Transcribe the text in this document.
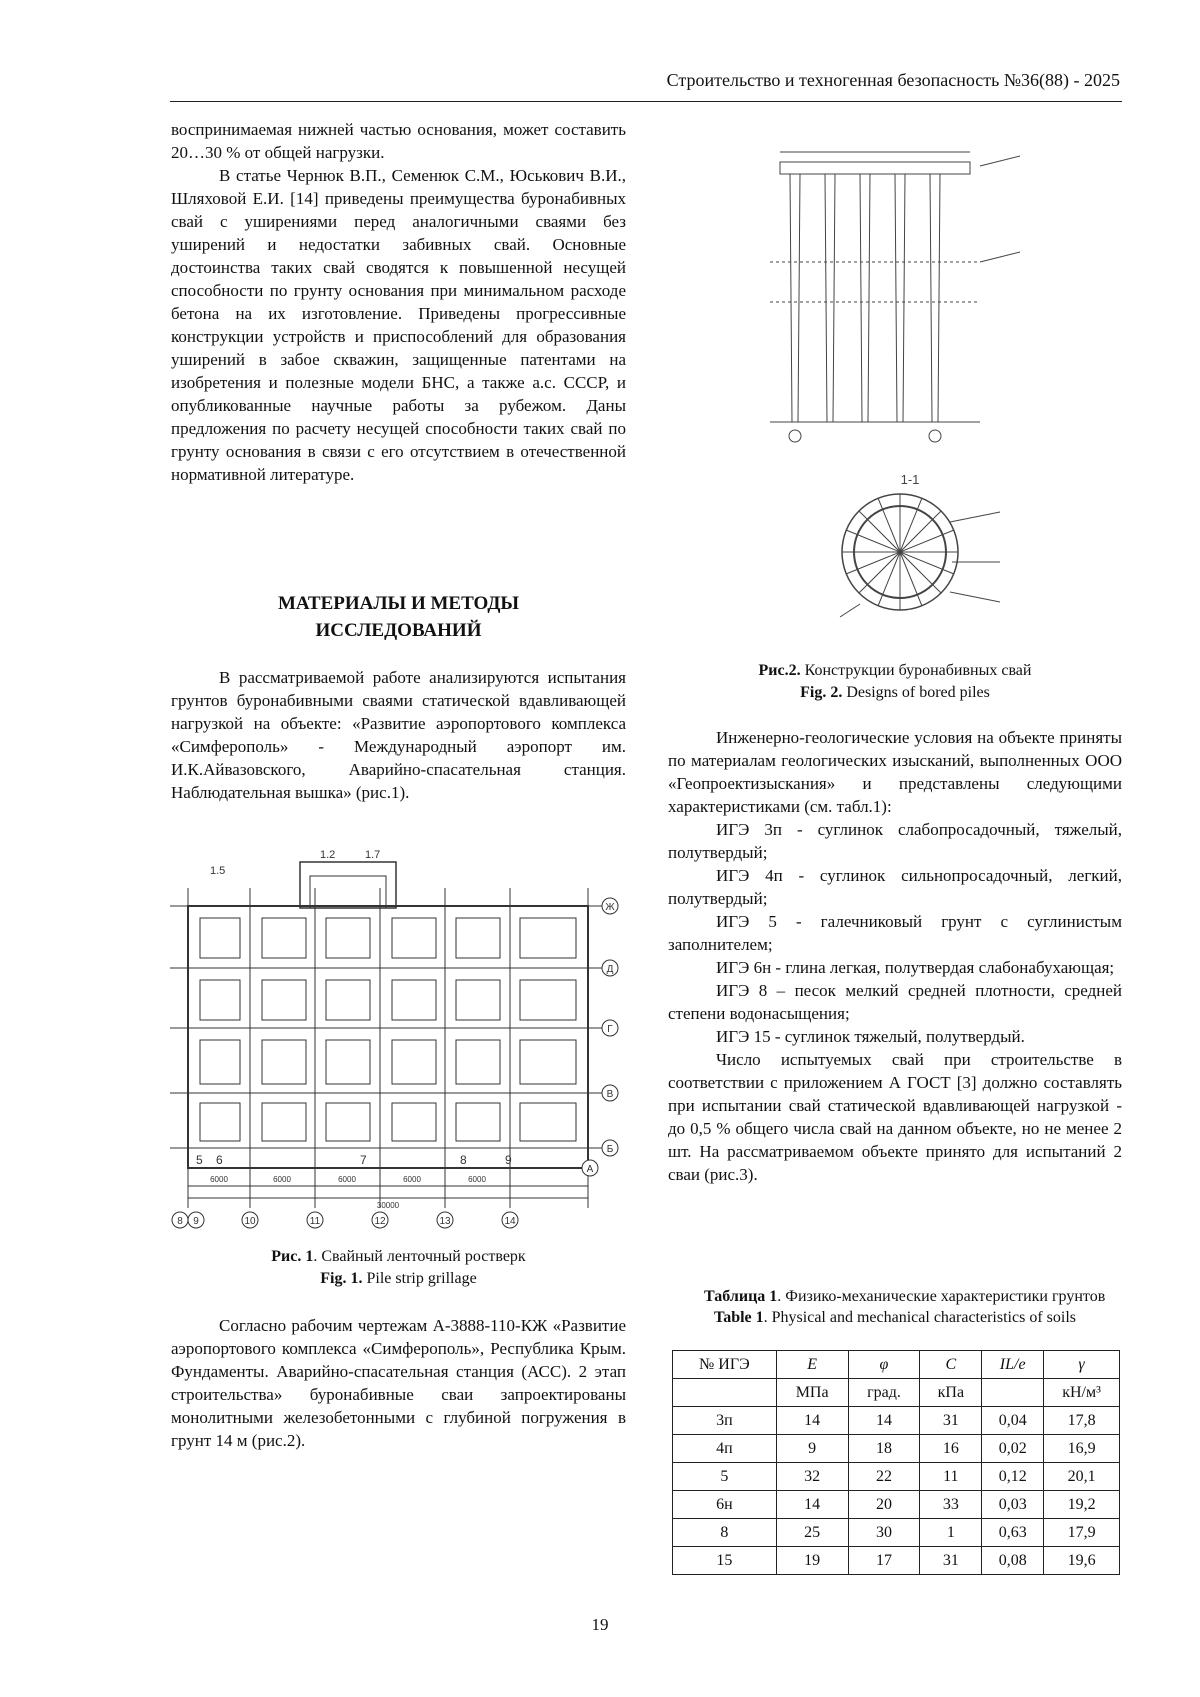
Строительство и техногенная безопасность №36(88) - 2025

воспринимаемая нижней частью основания, может составить 20…30 % от общей нагрузки.

В статье Чернюк В.П., Семенюк С.М., Юськович В.И., Шляховой Е.И. [14] приведены преимущества буронабивных свай с уширениями перед аналогичными сваями без уширений и недостатки забивных свай. Основные достоинства таких свай сводятся к повышенной несущей способности по грунту основания при минимальном расходе бетона на их изготовление. Приведены прогрессивные конструкции устройств и приспособлений для образования уширений в забое скважин, защищенные патентами на изобретения и полезные модели БНС, а также а.с. СССР, и опубликованные научные работы за рубежом. Даны предложения по расчету несущей способности таких свай по грунту основания в связи с его отсутствием в отечественной нормативной литературе.

МАТЕРИАЛЫ И МЕТОДЫ

ИССЛЕДОВАНИЙ

В рассматриваемой работе анализируются испытания грунтов буронабивными сваями статической вдавливающей нагрузкой на объекте: «Развитие аэропортового комплекса «Симферополь» - Международный аэропорт им. И.К.Айвазовского, Аварийно-спасательная станция. Наблюдательная вышка» (рис.1).

Ж
Д
Г
В
Б
А
8 9	10	11	12	13	14
6000	6000	6000	6000	6000
30000
5 6	7	8	9
1.5
1.2	1.7
Рис. 1. Свайный ленточный ростверк
Fig. 1. Pile strip grillage

Согласно рабочим чертежам А-3888-110-КЖ «Развитие аэропортового комплекса «Симферополь», Республика Крым. Фундаменты. Аварийно-спасательная станция (АСС). 2 этап строительства» буронабивные сваи запроектированы монолитными железобетонными с глубиной погружения в грунт 14 м (рис.2).

1-1
Рис.2. Конструкции буронабивных свай
Fig. 2. Designs of bored piles

Инженерно-геологические условия на объекте приняты по материалам геологических изысканий, выполненных ООО «Геопроектизыскания» и представлены следующими характеристиками (см. табл.1):

ИГЭ 3п - суглинок слабопросадочный, тяжелый, полутвердый;

ИГЭ 4п - суглинок сильнопросадочный, легкий, полутвердый;

ИГЭ 5 - галечниковый грунт с суглинистым заполнителем;

ИГЭ 6н - глина легкая, полутвердая слабонабухающая;

ИГЭ 8 – песок мелкий средней плотности, средней степени водонасыщения;

ИГЭ 15 - суглинок тяжелый, полутвердый.

Число испытуемых свай при строительстве в соответствии с приложением А ГОСТ [3] должно составлять при испытании свай статической вдавливающей нагрузкой - до 0,5 % общего числа свай на данном объекте, но не менее 2 шт. На рассматриваемом объекте принято для испытаний 2 сваи (рис.3).

Таблица 1. Физико-механические характеристики грунтов
Table 1. Physical and mechanical characteristics of soils
№ ИГЭ	E	φ	C	IL/e	γ
	МПа	град.	кПа		кН/м³
3п	14	14	31	0,04	17,8
4п	9	18	16	0,02	16,9
5	32	22	11	0,12	20,1
6н	14	20	33	0,03	19,2
8	25	30	1	0,63	17,9
15	19	17	31	0,08	19,6
19
